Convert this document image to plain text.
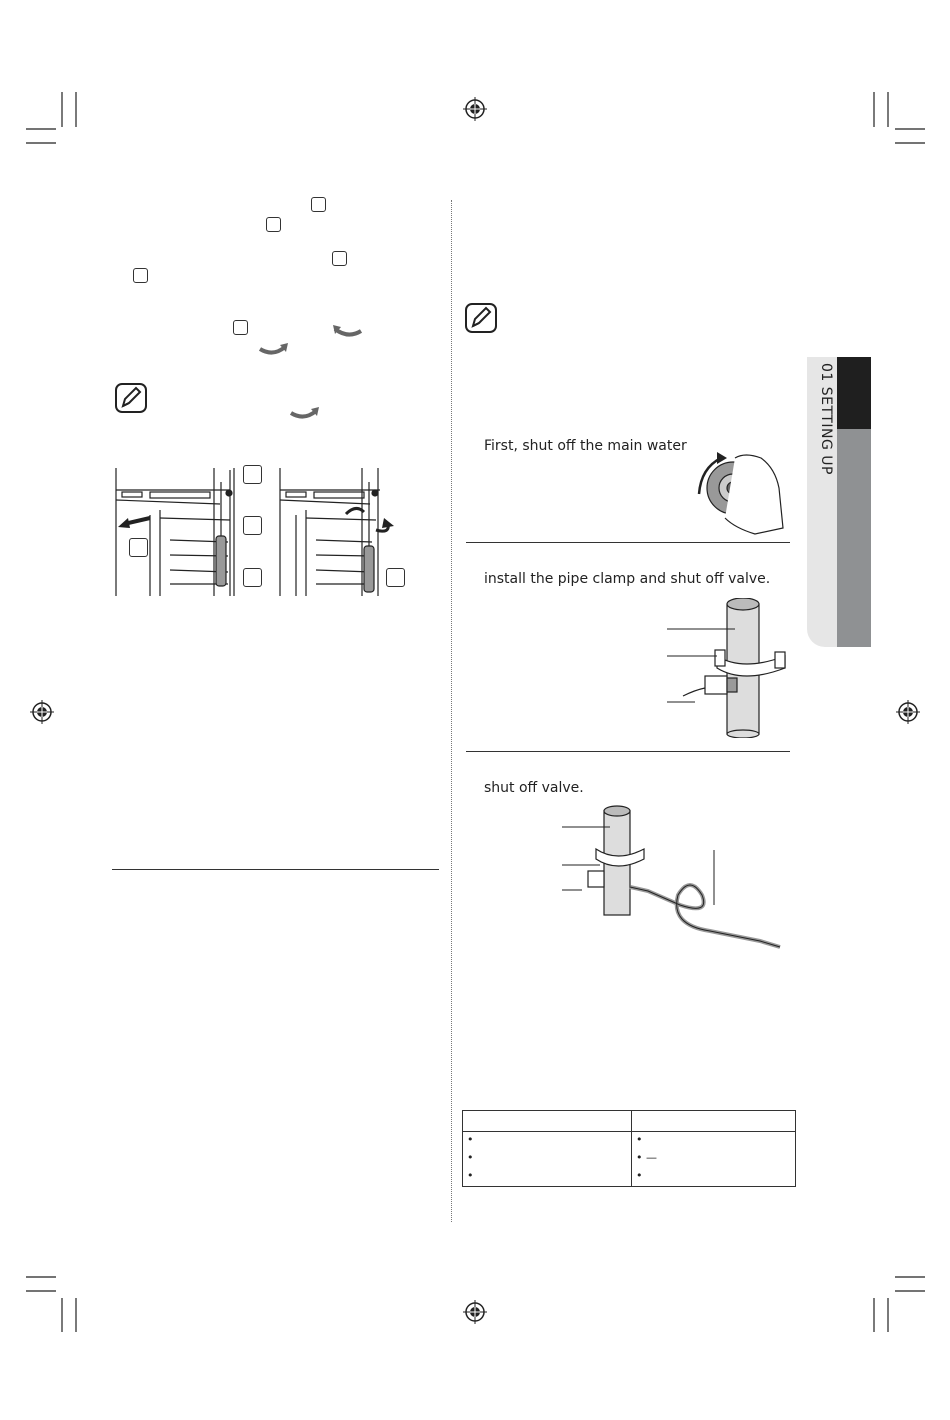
First, shut off the main water
install the pipe clamp and shut off valve.
shut off valve.

•	•
•	• —
•	•
01 SETTING UP
